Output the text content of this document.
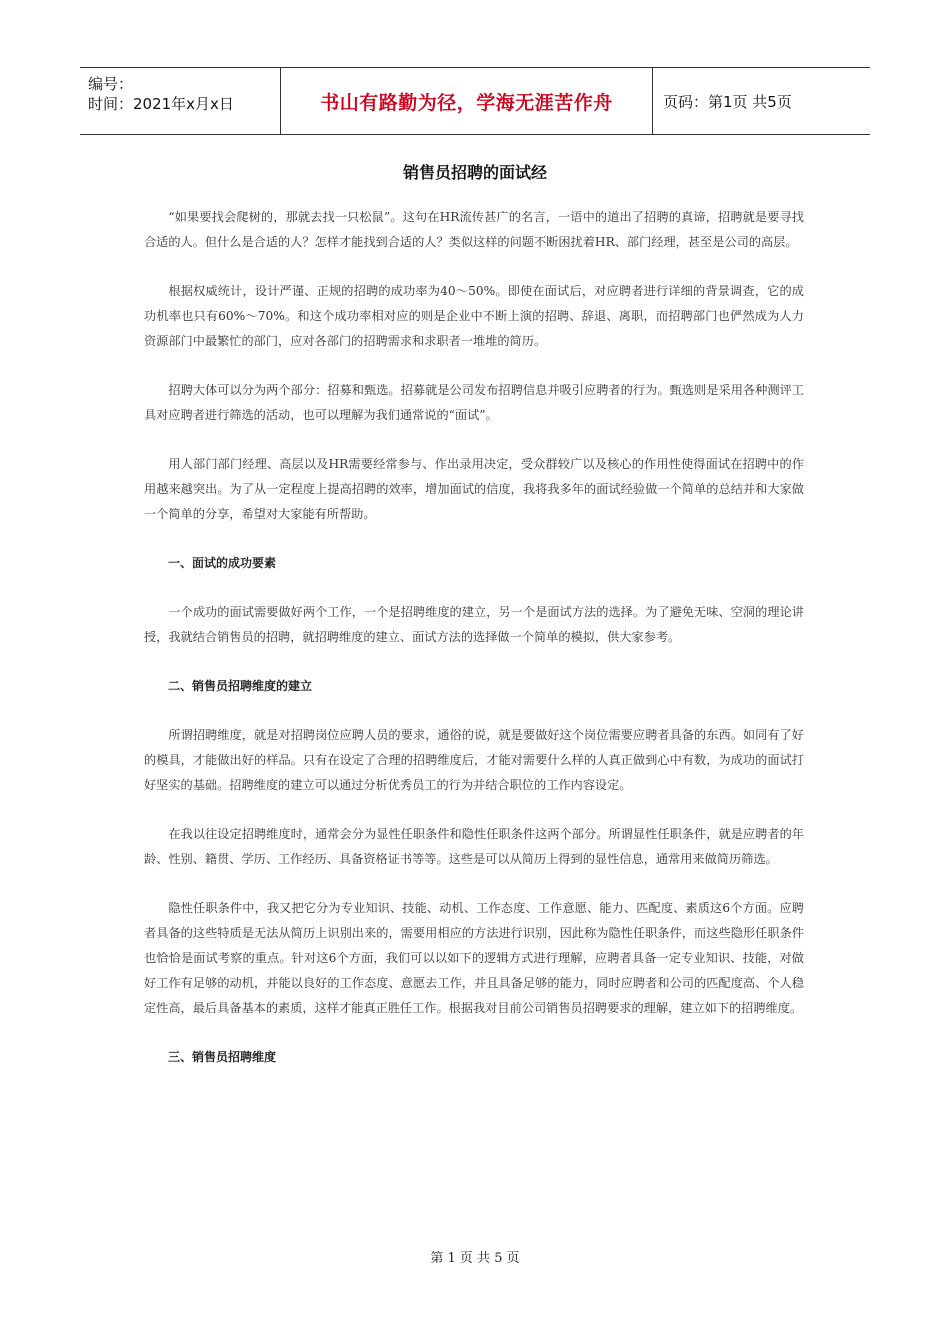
编号：
时间：2021年x月x日	书山有路勤为径，学海无涯苦作舟	页码：第1页 共5页
销售员招聘的面试经
“如果要找会爬树的，那就去找一只松鼠”。这句在HR流传甚广的名言，一语中的道出了招聘的真谛，招聘就是要寻找合适的人。但什么是合适的人？怎样才能找到合适的人？类似这样的问题不断困扰着HR、部门经理，甚至是公司的高层。
根据权威统计，设计严谨、正规的招聘的成功率为40～50%。即使在面试后，对应聘者进行详细的背景调查，它的成功机率也只有60%～70%。和这个成功率相对应的则是企业中不断上演的招聘、辞退、离职，而招聘部门也俨然成为人力资源部门中最繁忙的部门，应对各部门的招聘需求和求职者一堆堆的简历。
招聘大体可以分为两个部分：招募和甄选。招募就是公司发布招聘信息并吸引应聘者的行为。甄选则是采用各种测评工具对应聘者进行筛选的活动，也可以理解为我们通常说的“面试”。
用人部门部门经理、高层以及HR需要经常参与、作出录用决定，受众群较广以及核心的作用性使得面试在招聘中的作用越来越突出。为了从一定程度上提高招聘的效率，增加面试的信度，我将我多年的面试经验做一个简单的总结并和大家做一个简单的分享，希望对大家能有所帮助。
一、面试的成功要素
一个成功的面试需要做好两个工作，一个是招聘维度的建立，另一个是面试方法的选择。为了避免无味、空洞的理论讲授，我就结合销售员的招聘，就招聘维度的建立、面试方法的选择做一个简单的模拟，供大家参考。
二、销售员招聘维度的建立
所谓招聘维度，就是对招聘岗位应聘人员的要求，通俗的说，就是要做好这个岗位需要应聘者具备的东西。如同有了好的模具，才能做出好的样品。只有在设定了合理的招聘维度后，才能对需要什么样的人真正做到心中有数，为成功的面试打好坚实的基础。招聘维度的建立可以通过分析优秀员工的行为并结合职位的工作内容设定。
在我以往设定招聘维度时，通常会分为显性任职条件和隐性任职条件这两个部分。所谓显性任职条件，就是应聘者的年龄、性别、籍贯、学历、工作经历、具备资格证书等等。这些是可以从简历上得到的显性信息，通常用来做简历筛选。
隐性任职条件中，我又把它分为专业知识、技能、动机、工作态度、工作意愿、能力、匹配度、素质这6个方面。应聘者具备的这些特质是无法从简历上识别出来的，需要用相应的方法进行识别，因此称为隐性任职条件，而这些隐形任职条件也恰恰是面试考察的重点。针对这6个方面，我们可以以如下的逻辑方式进行理解，应聘者具备一定专业知识、技能，对做好工作有足够的动机，并能以良好的工作态度、意愿去工作，并且具备足够的能力，同时应聘者和公司的匹配度高、个人稳定性高，最后具备基本的素质，这样才能真正胜任工作。根据我对目前公司销售员招聘要求的理解，建立如下的招聘维度。
三、销售员招聘维度
第 1 页 共 5 页
